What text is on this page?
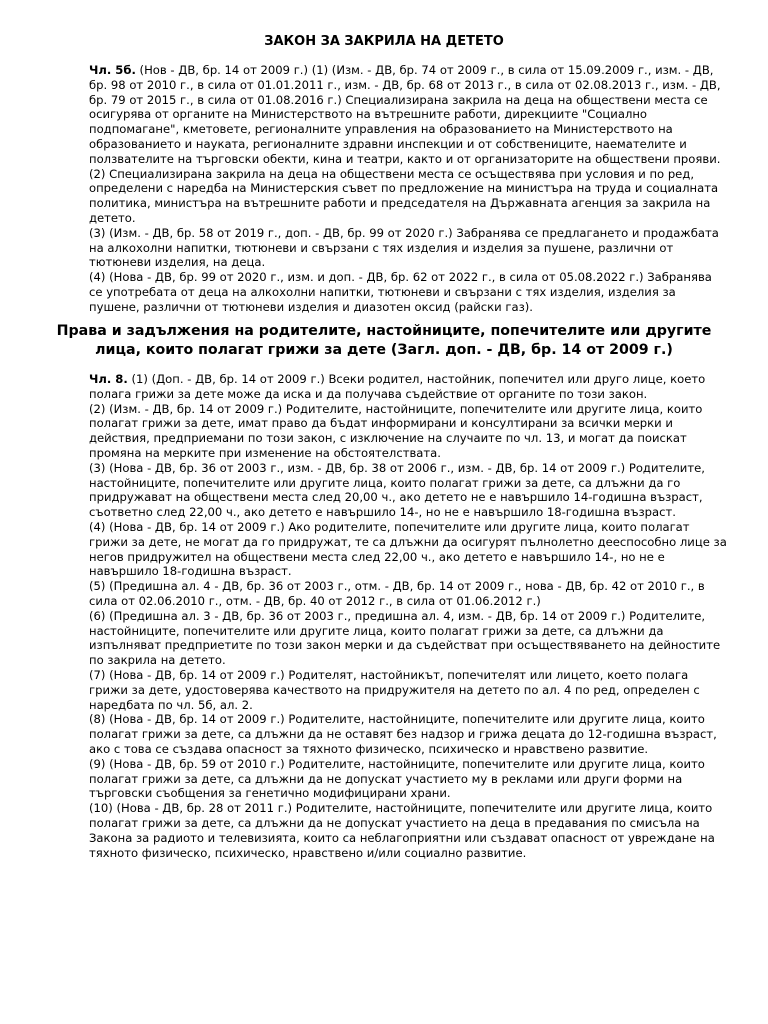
ЗАКОН ЗА ЗАКРИЛА НА ДЕТЕТО

Чл. 5б. (Нов - ДВ, бр. 14 от 2009 г.) (1) (Изм. - ДВ, бр. 74 от 2009 г., в сила от 15.09.2009 г., изм. - ДВ, бр. 98 от 2010 г., в сила от 01.01.2011 г., изм. - ДВ, бр. 68 от 2013 г., в сила от 02.08.2013 г., изм. - ДВ, бр. 79 от 2015 г., в сила от 01.08.2016 г.) Специализирана закрила на деца на обществени места се осигурява от органите на Министерството на вътрешните работи, дирекциите "Социално подпомагане", кметовете, регионалните управления на образованието на Министерството на образованието и науката, регионалните здравни инспекции и от собствениците, наемателите и ползвателите на търговски обекти, кина и театри, както и от организаторите на обществени прояви.

(2) Специализирана закрила на деца на обществени места се осъществява при условия и по ред, определени с наредба на Министерския съвет по предложение на министъра на труда и социалната политика, министъра на вътрешните работи и председателя на Държавната агенция за закрила на детето.

(3) (Изм. - ДВ, бр. 58 от 2019 г., доп. - ДВ, бр. 99 от 2020 г.) Забранява се предлагането и продажбата на алкохолни напитки, тютюневи и свързани с тях изделия и изделия за пушене, различни от тютюневи изделия, на деца.

(4) (Нова - ДВ, бр. 99 от 2020 г., изм. и доп. - ДВ, бр. 62 от 2022 г., в сила от 05.08.2022 г.) Забранява се употребата от деца на алкохолни напитки, тютюневи и свързани с тях изделия, изделия за пушене, различни от тютюневи изделия и диазотен оксид (райски газ).

Права и задължения на родителите, настойниците, попечителите или другите
лица, които полагат грижи за дете (Загл. доп. - ДВ, бр. 14 от 2009 г.)

Чл. 8. (1) (Доп. - ДВ, бр. 14 от 2009 г.) Всеки родител, настойник, попечител или друго лице, което полага грижи за дете може да иска и да получава съдействие от органите по този закон.

(2) (Изм. - ДВ, бр. 14 от 2009 г.) Родителите, настойниците, попечителите или другите лица, които полагат грижи за дете, имат право да бъдат информирани и консултирани за всички мерки и действия, предприемани по този закон, с изключение на случаите по чл. 13, и могат да поискат промяна на мерките при изменение на обстоятелствата.

(3) (Нова - ДВ, бр. 36 от 2003 г., изм. - ДВ, бр. 38 от 2006 г., изм. - ДВ, бр. 14 от 2009 г.) Родителите, настойниците, попечителите или другите лица, които полагат грижи за дете, са длъжни да го придружават на обществени места след 20,00 ч., ако детето не е навършило 14-годишна възраст, съответно след 22,00 ч., ако детето е навършило 14-, но не е навършило 18-годишна възраст.

(4) (Нова - ДВ, бр. 14 от 2009 г.) Ако родителите, попечителите или другите лица, които полагат грижи за дете, не могат да го придружат, те са длъжни да осигурят пълнолетно дееспособно лице за негов придружител на обществени места след 22,00 ч., ако детето е навършило 14-, но не е навършило 18-годишна възраст.

(5) (Предишна ал. 4 - ДВ, бр. 36 от 2003 г., отм. - ДВ, бр. 14 от 2009 г., нова - ДВ, бр. 42 от 2010 г., в сила от 02.06.2010 г., отм. - ДВ, бр. 40 от 2012 г., в сила от 01.06.2012 г.)

(6) (Предишна ал. 3 - ДВ, бр. 36 от 2003 г., предишна ал. 4, изм. - ДВ, бр. 14 от 2009 г.) Родителите, настойниците, попечителите или другите лица, които полагат грижи за дете, са длъжни да изпълняват предприетите по този закон мерки и да съдействат при осъществяването на дейностите по закрила на детето.

(7) (Нова - ДВ, бр. 14 от 2009 г.) Родителят, настойникът, попечителят или лицето, което полага грижи за дете, удостоверява качеството на придружителя на детето по ал. 4 по ред, определен с наредбата по чл. 5б, ал. 2.

(8) (Нова - ДВ, бр. 14 от 2009 г.) Родителите, настойниците, попечителите или другите лица, които полагат грижи за дете, са длъжни да не оставят без надзор и грижа децата до 12-годишна възраст, ако с това се създава опасност за тяхното физическо, психическо и нравствено развитие.

(9) (Нова - ДВ, бр. 59 от 2010 г.) Родителите, настойниците, попечителите или другите лица, които полагат грижи за дете, са длъжни да не допускат участието му в реклами или други форми на търговски съобщения за генетично модифицирани храни.

(10) (Нова - ДВ, бр. 28 от 2011 г.) Родителите, настойниците, попечителите или другите лица, които полагат грижи за дете, са длъжни да не допускат участието на деца в предавания по смисъла на Закона за радиото и телевизията, които са неблагоприятни или създават опасност от увреждане на тяхното физическо, психическо, нравствено и/или социално развитие.
